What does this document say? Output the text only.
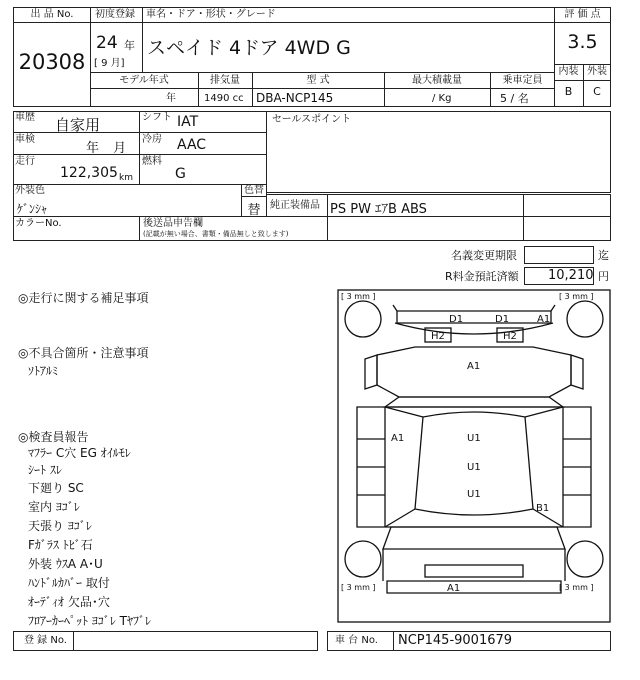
出 品 No.
20308
初度登録 車名・ドア・形状・グレード
24 年
[ 9 月]
スペイド 4ドア 4WD G
評 価 点
3.5
内装 外装
B	C
モデル年式	排気量	型 式	最大積載量	乗車定員
年	1490 cc DBA-NCP145	/ Kg	5 / 名
車歴 自家用	シフト IAT
車検
年 月
冷房 AAC
走行
122,305 km
燃料
G
セールスポイント
外装色
ｹﾞﾝｼｬ
色替
替 純正装備品 PS PW ｴｱB ABS
カラーNo.	後送品申告欄
(記載が無い場合、書類・備品無しと致します)
名義変更期限	迄
R料金預託済額 10,210 円
◎走行に関する補足事項
◎不具合箇所・注意事項
ｿﾄｱﾙﾐ
◎検査員報告
ﾏﾌﾗｰ C穴 EG ｵｲﾙﾓﾚ
ｼｰﾄ ｽﾚ
下廻り SC
室内 ﾖｺﾞﾚ
天張り ﾖｺﾞﾚ
Fｶﾞﾗｽ ﾄﾋﾞ石
外装 ｳｽA A･U
ﾊﾝﾄﾞﾙｶﾊﾞｰ 取付
ｵｰﾃﾞｨｵ 欠品･穴
ﾌﾛｱｰｶｰﾍﾟｯﾄ ﾖｺﾞﾚ Tﾔﾌﾞﾚ
[ 3 mm ]	[ 3 mm ]
[ 3 mm ]	[ 3 mm ]
D1	D1	A1
H2	H2
A1
A1	U1
U1
U1
B1
A1
登 録 No.	車 台 No. NCP145-9001679
